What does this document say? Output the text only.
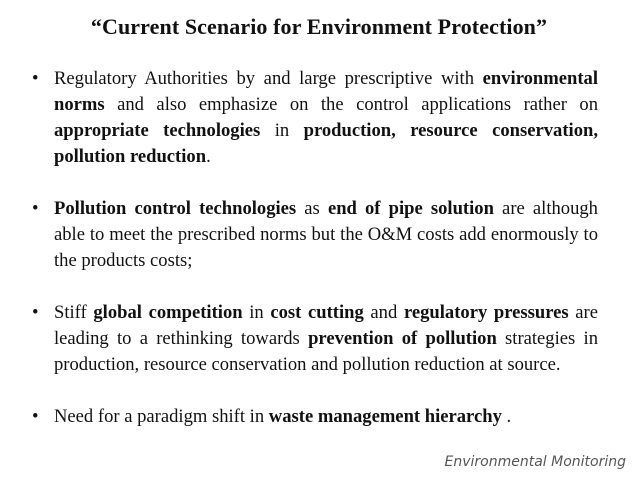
“Current Scenario for Environment Protection”
• Regulatory Authorities by and large prescriptive with environmental norms and also emphasize on the control applications rather on appropriate technologies in production, resource conservation, pollution reduction.
• Pollution control technologies as end of pipe solution are although able to meet the prescribed norms but the O&M costs add enormously to the products costs;
• Stiff global competition in cost cutting and regulatory pressures are leading to a rethinking towards prevention of pollution strategies in production, resource conservation and pollution reduction at source.
• Need for a paradigm shift in waste management hierarchy .
Environmental Monitoring
